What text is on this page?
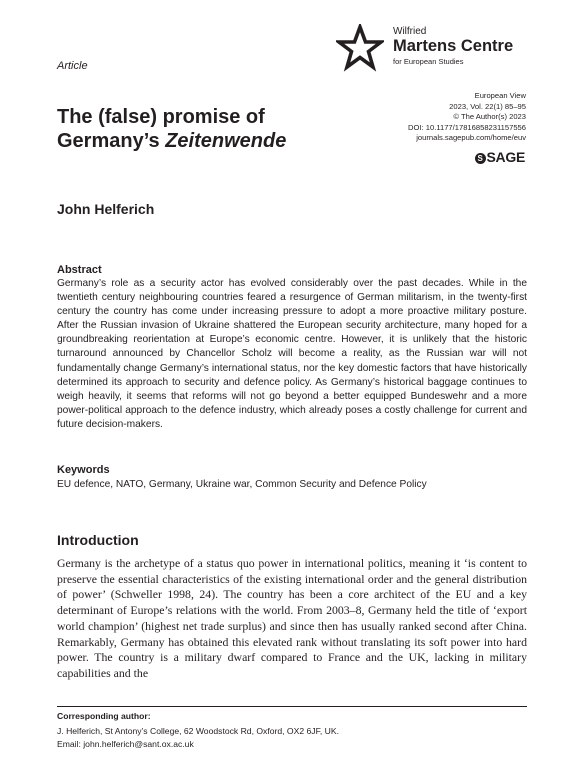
Article
Wilfried
Martens Centre
for European Studies
European View
2023, Vol. 22(1) 85–95
© The Author(s) 2023
DOI: 10.1177/17816858231157556
journals.sagepub.com/home/euv
S SAGE
The (false) promise of
Germany’s Zeitenwende
John Helferich
Abstract
Germany’s role as a security actor has evolved considerably over the past decades. While in the twentieth century neighbouring countries feared a resurgence of German militarism, in the twenty-first century the country has come under increasing pressure to adopt a more proactive military posture. After the Russian invasion of Ukraine shattered the European security architecture, many hoped for a groundbreaking reorientation at Europe’s economic centre. However, it is unlikely that the historic turnaround announced by Chancellor Scholz will become a reality, as the Russian war will not fundamentally change Germany’s international status, nor the key domestic factors that have historically determined its approach to security and defence policy. As Germany’s historical baggage continues to weigh heavily, it seems that reforms will not go beyond a better equipped Bundeswehr and a more power-political approach to the defence industry, which already poses a costly challenge for current and future decision-makers.
Keywords
EU defence, NATO, Germany, Ukraine war, Common Security and Defence Policy
Introduction
Germany is the archetype of a status quo power in international politics, meaning it ‘is content to preserve the essential characteristics of the existing international order and the general distribution of power’ (Schweller 1998, 24). The country has been a core architect of the EU and a key determinant of Europe’s relations with the world. From 2003–8, Germany held the title of ‘export world champion’ (highest net trade surplus) and since then has usually ranked second after China. Remarkably, Germany has obtained this elevated rank without translating its soft power into hard power. The country is a military dwarf compared to France and the UK, lacking in military capabilities and the
Corresponding author:
J. Helferich, St Antony’s College, 62 Woodstock Rd, Oxford, OX2 6JF, UK.
Email: john.helferich@sant.ox.ac.uk
